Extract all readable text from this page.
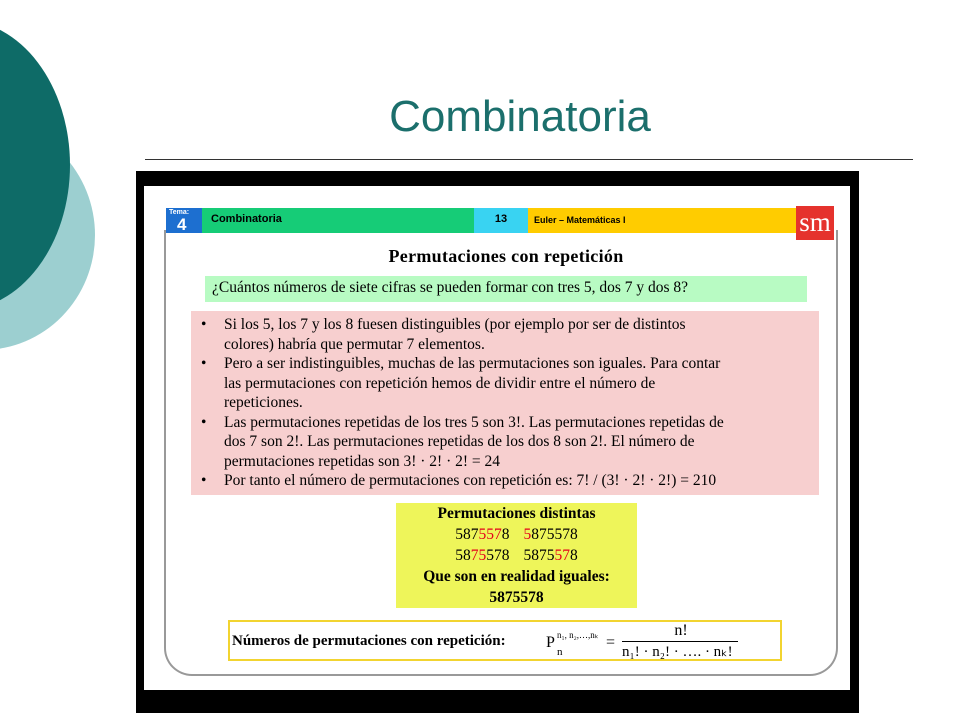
Combinatoria
Tema:
4	Combinatoria	13	Euler – Matemáticas I	sm
Permutaciones con repetición
¿Cuántos números de siete cifras se pueden formar con tres 5, dos 7 y dos 8?
• Si los 5, los 7 y los 8 fuesen distinguibles (por ejemplo por ser de distintos
colores) habría que permutar 7 elementos.
• Pero a ser indistinguibles, muchas de las permutaciones son iguales. Para contar
las permutaciones con repetición hemos de dividir entre el número de
repeticiones.
• Las permutaciones repetidas de los tres 5 son 3!. Las permutaciones repetidas de
dos 7 son 2!. Las permutaciones repetidas de los dos 8 son 2!. El número de
permutaciones repetidas son 3! · 2! · 2! = 24
• Por tanto el número de permutaciones con repetición es: 7! / (3! · 2! · 2!) = 210
Permutaciones distintas
5875578 5875578
5875578 5875578
Que son en realidad iguales:
5875578
Números de permutaciones con repetición:	P n₁, n₂,…,nₖ
n
=
n!
n₁! · n₂! · …. · nₖ!
